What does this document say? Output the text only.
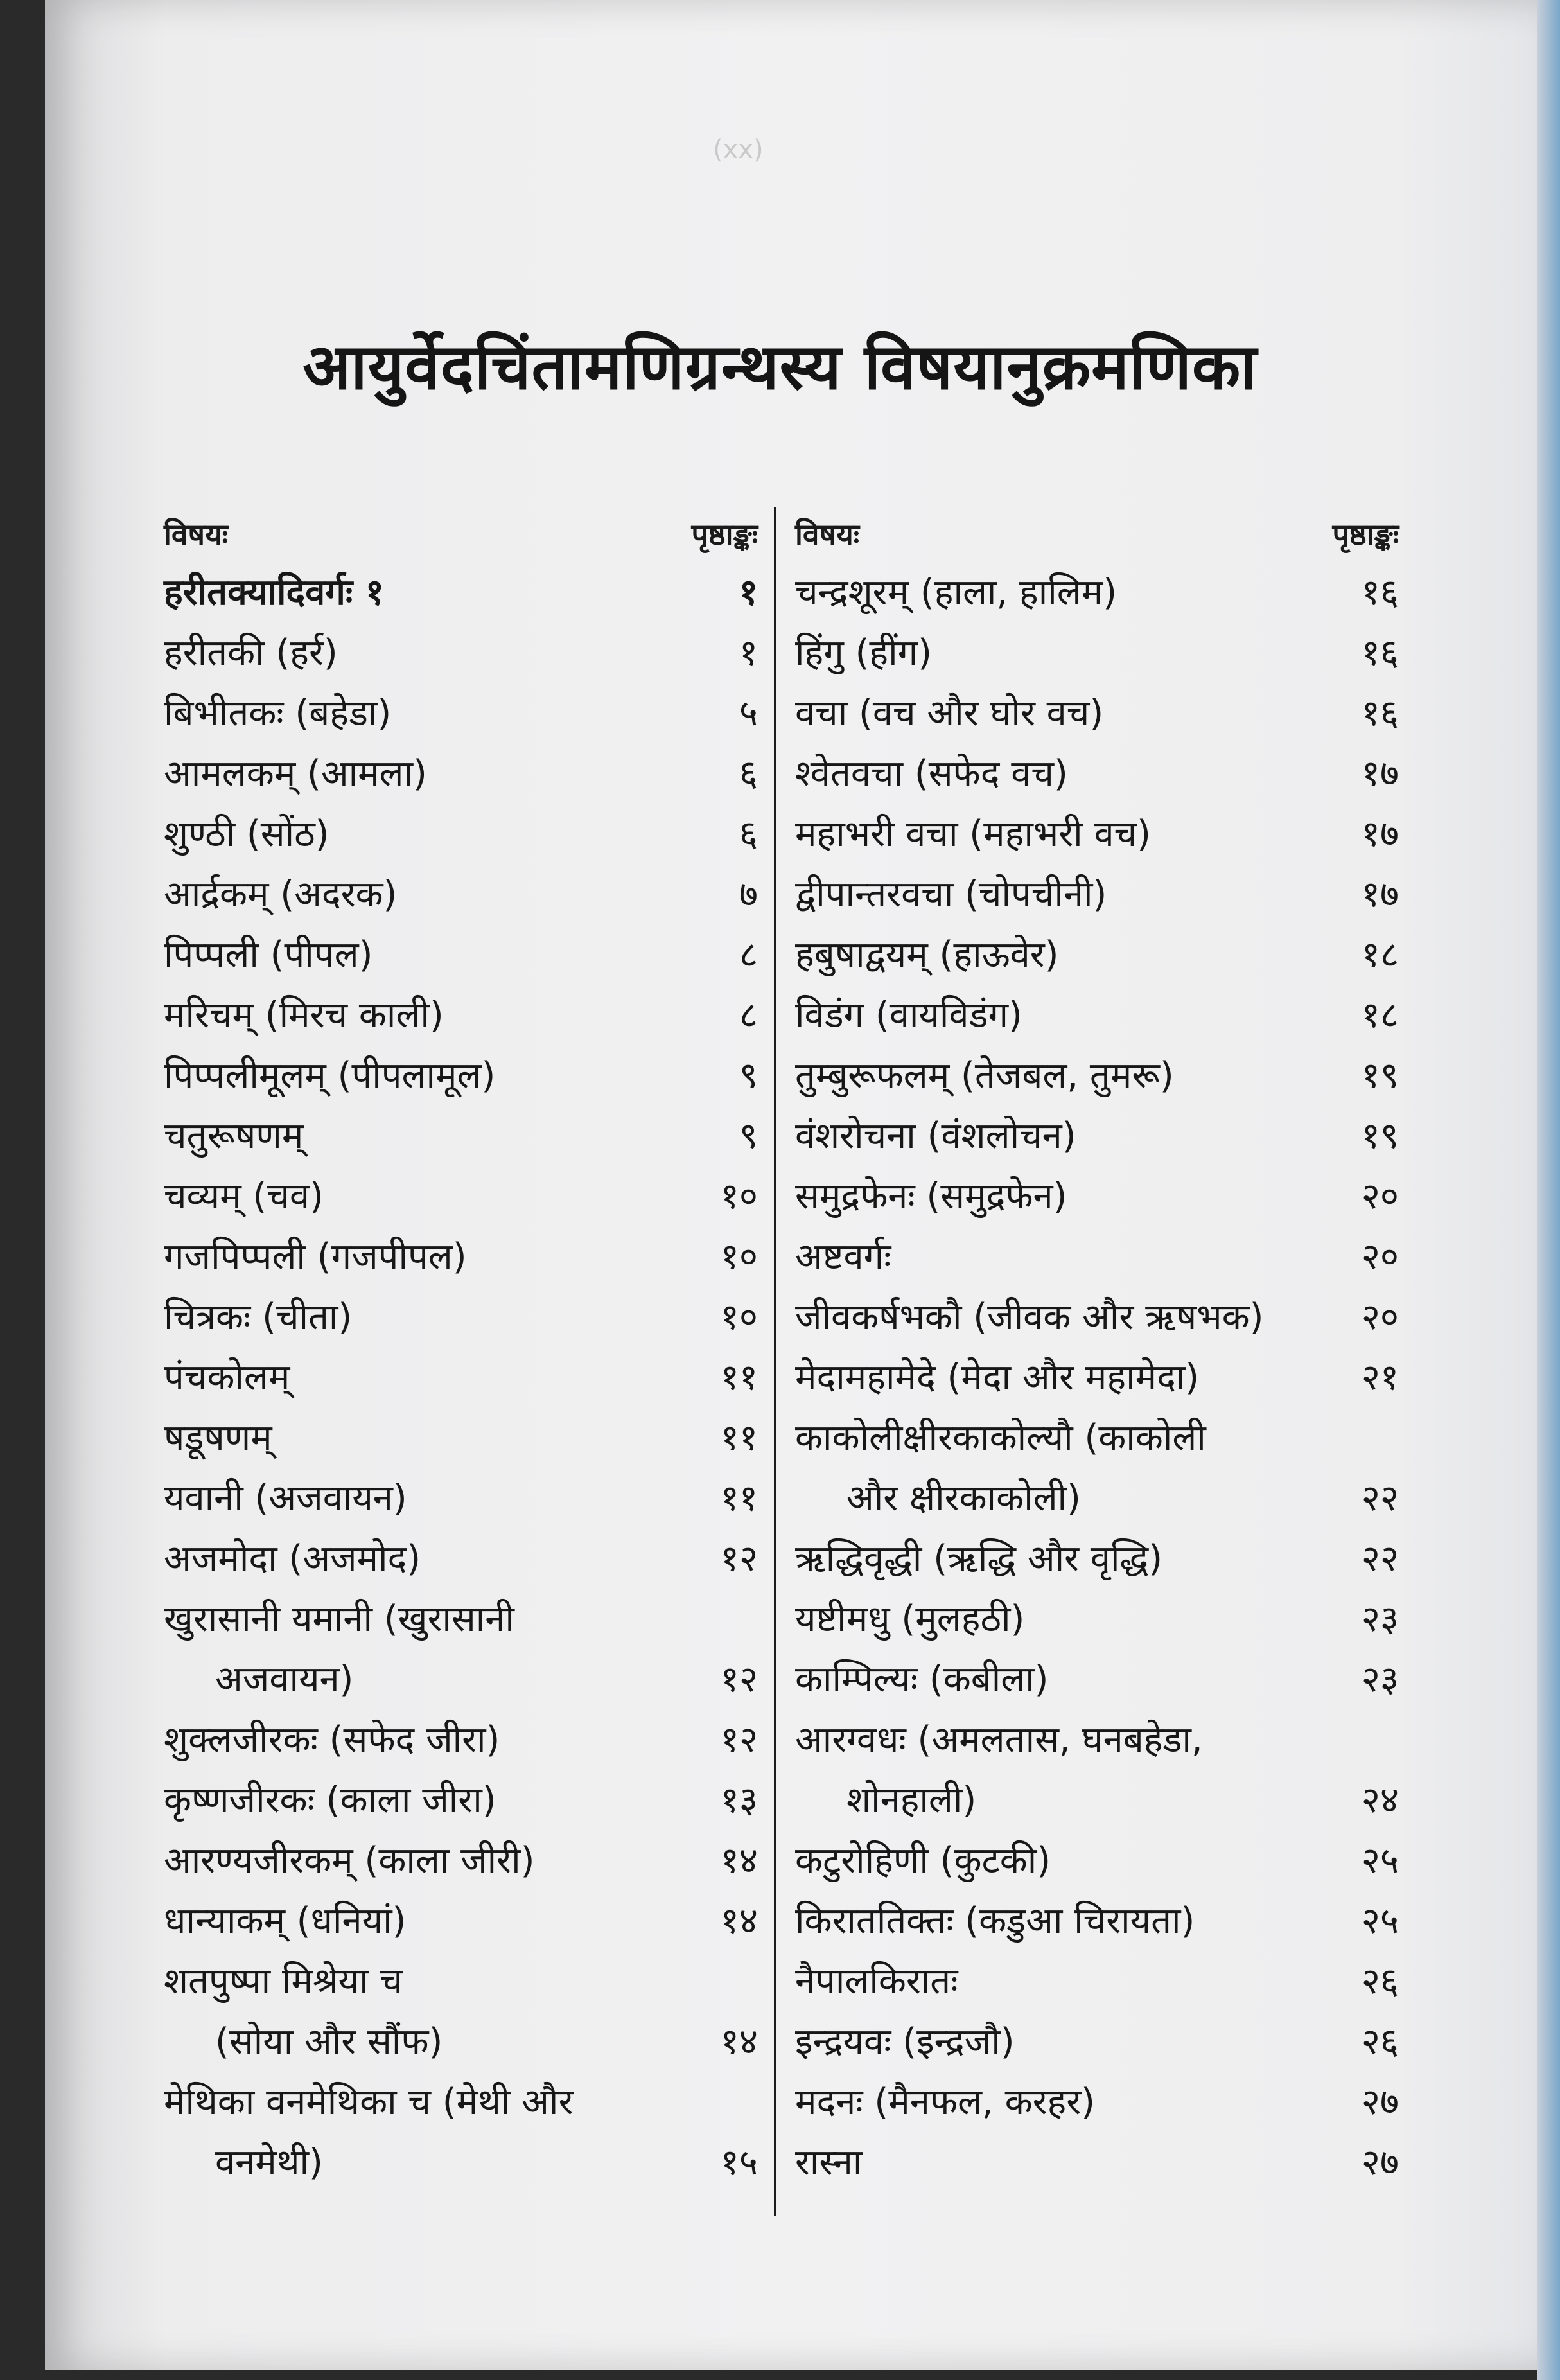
(xx)
आयुर्वेदचिंतामणिग्रन्थस्य विषयानुक्रमणिका
विषयः	पृष्ठाङ्कः
हरीतक्यादिवर्गः १	१
हरीतकी (हर्र)	१
बिभीतकः (बहेडा)	५
आमलकम् (आमला)	६
शुण्ठी (सोंठ)	६
आर्द्रकम् (अदरक)	७
पिप्पली (पीपल)	८
मरिचम् (मिरच काली)	८
पिप्पलीमूलम् (पीपलामूल)	९
चतुरूषणम्	९
चव्यम् (चव)	१०
गजपिप्पली (गजपीपल)	१०
चित्रकः (चीता)	१०
पंचकोलम्	११
षडूषणम्	११
यवानी (अजवायन)	११
अजमोदा (अजमोद)	१२
खुरासानी यमानी (खुरासानी
अजवायन)	१२
शुक्लजीरकः (सफेद जीरा)	१२
कृष्णजीरकः (काला जीरा)	१३
आरण्यजीरकम् (काला जीरी)	१४
धान्याकम् (धनियां)	१४
शतपुष्पा मिश्रेया च
(सोया और सौंफ)	१४
मेथिका वनमेथिका च (मेथी और
वनमेथी)	१५
विषयः	पृष्ठाङ्कः
चन्द्रशूरम् (हाला, हालिम)	१६
हिंगु (हींग)	१६
वचा (वच और घोर वच)	१६
श्वेतवचा (सफेद वच)	१७
महाभरी वचा (महाभरी वच)	१७
द्वीपान्तरवचा (चोपचीनी)	१७
हबुषाद्वयम् (हाऊवेर)	१८
विडंग (वायविडंग)	१८
तुम्बुरूफलम् (तेजबल, तुमरू)	१९
वंशरोचना (वंशलोचन)	१९
समुद्रफेनः (समुद्रफेन)	२०
अष्टवर्गः	२०
जीवकर्षभकौ (जीवक और ऋषभक)	२०
मेदामहामेदे (मेदा और महामेदा)	२१
काकोलीक्षीरकाकोल्यौ (काकोली
और क्षीरकाकोली)	२२
ऋद्धिवृद्धी (ऋद्धि और वृद्धि)	२२
यष्टीमधु (मुलहठी)	२३
काम्पिल्यः (कबीला)	२३
आरग्वधः (अमलतास, घनबहेडा,
शोनहाली)	२४
कटुरोहिणी (कुटकी)	२५
किराततिक्तः (कडुआ चिरायता)	२५
नैपालकिरातः	२६
इन्द्रयवः (इन्द्रजौ)	२६
मदनः (मैनफल, करहर)	२७
रास्ना	२७
